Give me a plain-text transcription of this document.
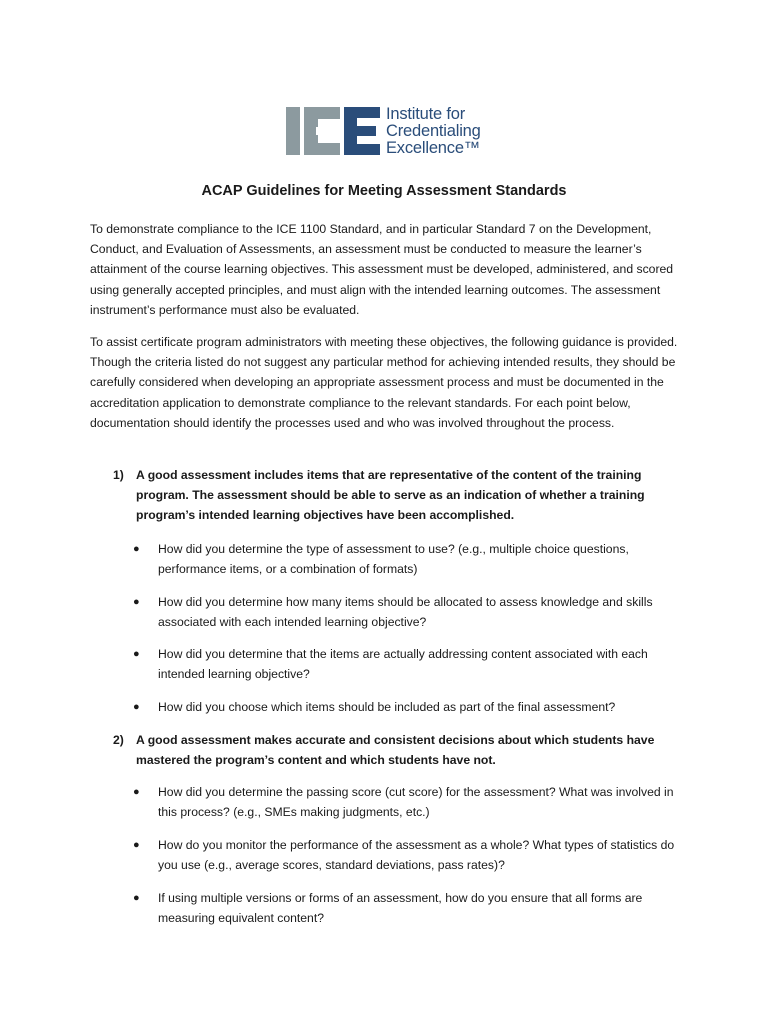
Institute for
Credentialing
Excellence™
ACAP Guidelines for Meeting Assessment Standards

To demonstrate compliance to the ICE 1100 Standard, and in particular Standard 7 on the Development, Conduct, and Evaluation of Assessments, an assessment must be conducted to measure the learner’s attainment of the course learning objectives. This assessment must be developed, administered, and scored using generally accepted principles, and must align with the intended learning outcomes. The assessment instrument’s performance must also be evaluated.

To assist certificate program administrators with meeting these objectives, the following guidance is provided. Though the criteria listed do not suggest any particular method for achieving intended results, they should be carefully considered when developing an appropriate assessment process and must be documented in the accreditation application to demonstrate compliance to the relevant standards. For each point below, documentation should identify the processes used and who was involved throughout the process.

1) A good assessment includes items that are representative of the content of the training program. The assessment should be able to serve as an indication of whether a training program’s intended learning objectives have been accomplished.
● How did you determine the type of assessment to use? (e.g., multiple choice questions, performance items, or a combination of formats)
● How did you determine how many items should be allocated to assess knowledge and skills associated with each intended learning objective?
● How did you determine that the items are actually addressing content associated with each intended learning objective?
● How did you choose which items should be included as part of the final assessment?
2) A good assessment makes accurate and consistent decisions about which students have mastered the program’s content and which students have not.
● How did you determine the passing score (cut score) for the assessment? What was involved in this process? (e.g., SMEs making judgments, etc.)
● How do you monitor the performance of the assessment as a whole? What types of statistics do you use (e.g., average scores, standard deviations, pass rates)?
● If using multiple versions or forms of an assessment, how do you ensure that all forms are measuring equivalent content?
